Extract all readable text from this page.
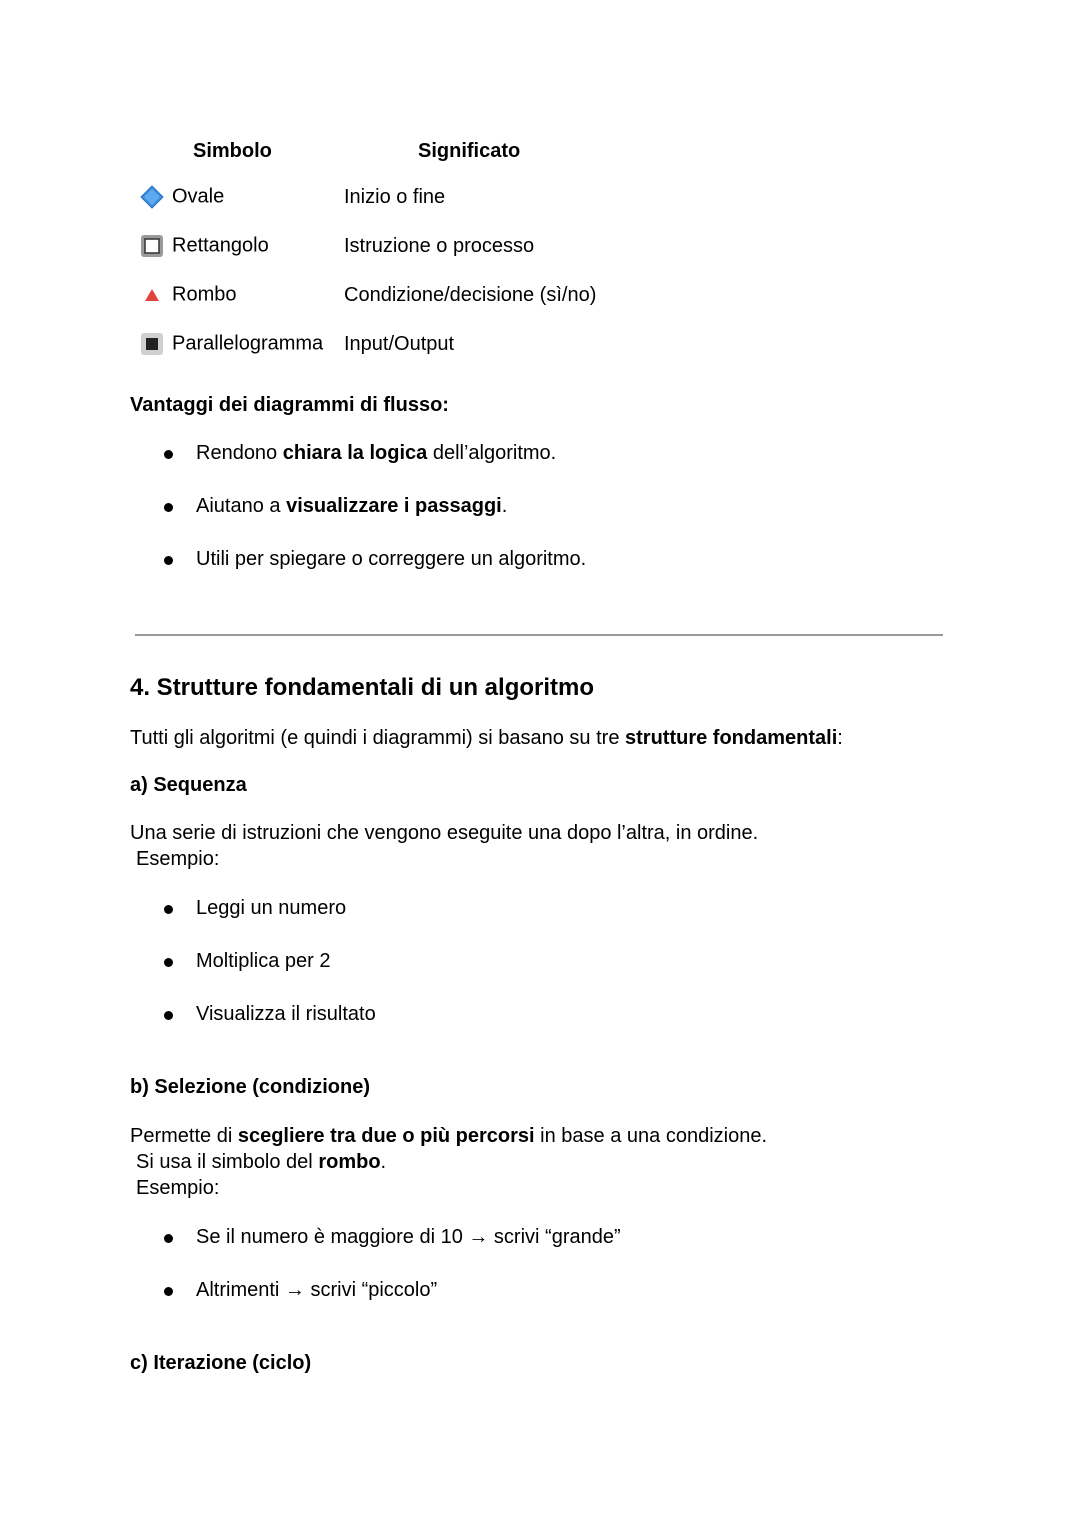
Simbolo	Significato
Ovale	Inizio o fine
Rettangolo	Istruzione o processo
Rombo	Condizione/decisione (sì/no)
Parallelogramma Input/Output
Vantaggi dei diagrammi di flusso:
Rendono chiara la logica dell’algoritmo.
Aiutano a visualizzare i passaggi.
Utili per spiegare o correggere un algoritmo.
4. Strutture fondamentali di un algoritmo
Tutti gli algoritmi (e quindi i diagrammi) si basano su tre strutture fondamentali:
a) Sequenza
Una serie di istruzioni che vengono eseguite una dopo l’altra, in ordine.
Esempio:
Leggi un numero
Moltiplica per 2
Visualizza il risultato
b) Selezione (condizione)
Permette di scegliere tra due o più percorsi in base a una condizione.
Si usa il simbolo del rombo.
Esempio:
Se il numero è maggiore di 10 → scrivi “grande”
Altrimenti → scrivi “piccolo”
c) Iterazione (ciclo)
